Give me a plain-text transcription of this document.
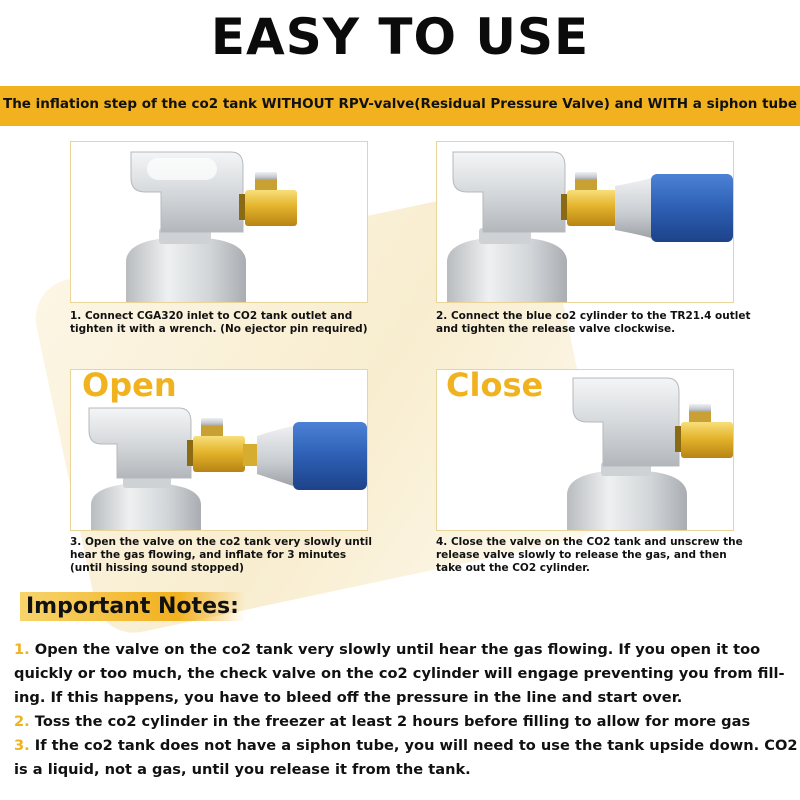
EASY TO USE
The inflation step of the co2 tank WITHOUT RPV-valve(Residual Pressure Valve) and WITH a siphon tube
1. Connect CGA320 inlet to CO2 tank outlet and
tighten it with a wrench. (No ejector pin required)
2. Connect the blue co2 cylinder to the TR21.4 outlet
and tighten the release valve clockwise.
Open
3. Open the valve on the co2 tank very slowly until
hear the gas flowing, and inflate for 3 minutes
(until hissing sound stopped)
Close
4. Close the valve on the CO2 tank and unscrew the
release valve slowly to release the gas, and then
take out the CO2 cylinder.
Important Notes:
1. Open the valve on the co2 tank very slowly until hear the gas flowing. If you open it too
quickly or too much, the check valve on the co2 cylinder will engage preventing you from fill-
ing. If this happens, you have to bleed off the pressure in the line and start over.
2. Toss the co2 cylinder in the freezer at least 2 hours before filling to allow for more gas
3. If the co2 tank does not have a siphon tube, you will need to use the tank upside down. CO2
is a liquid, not a gas, until you release it from the tank.
